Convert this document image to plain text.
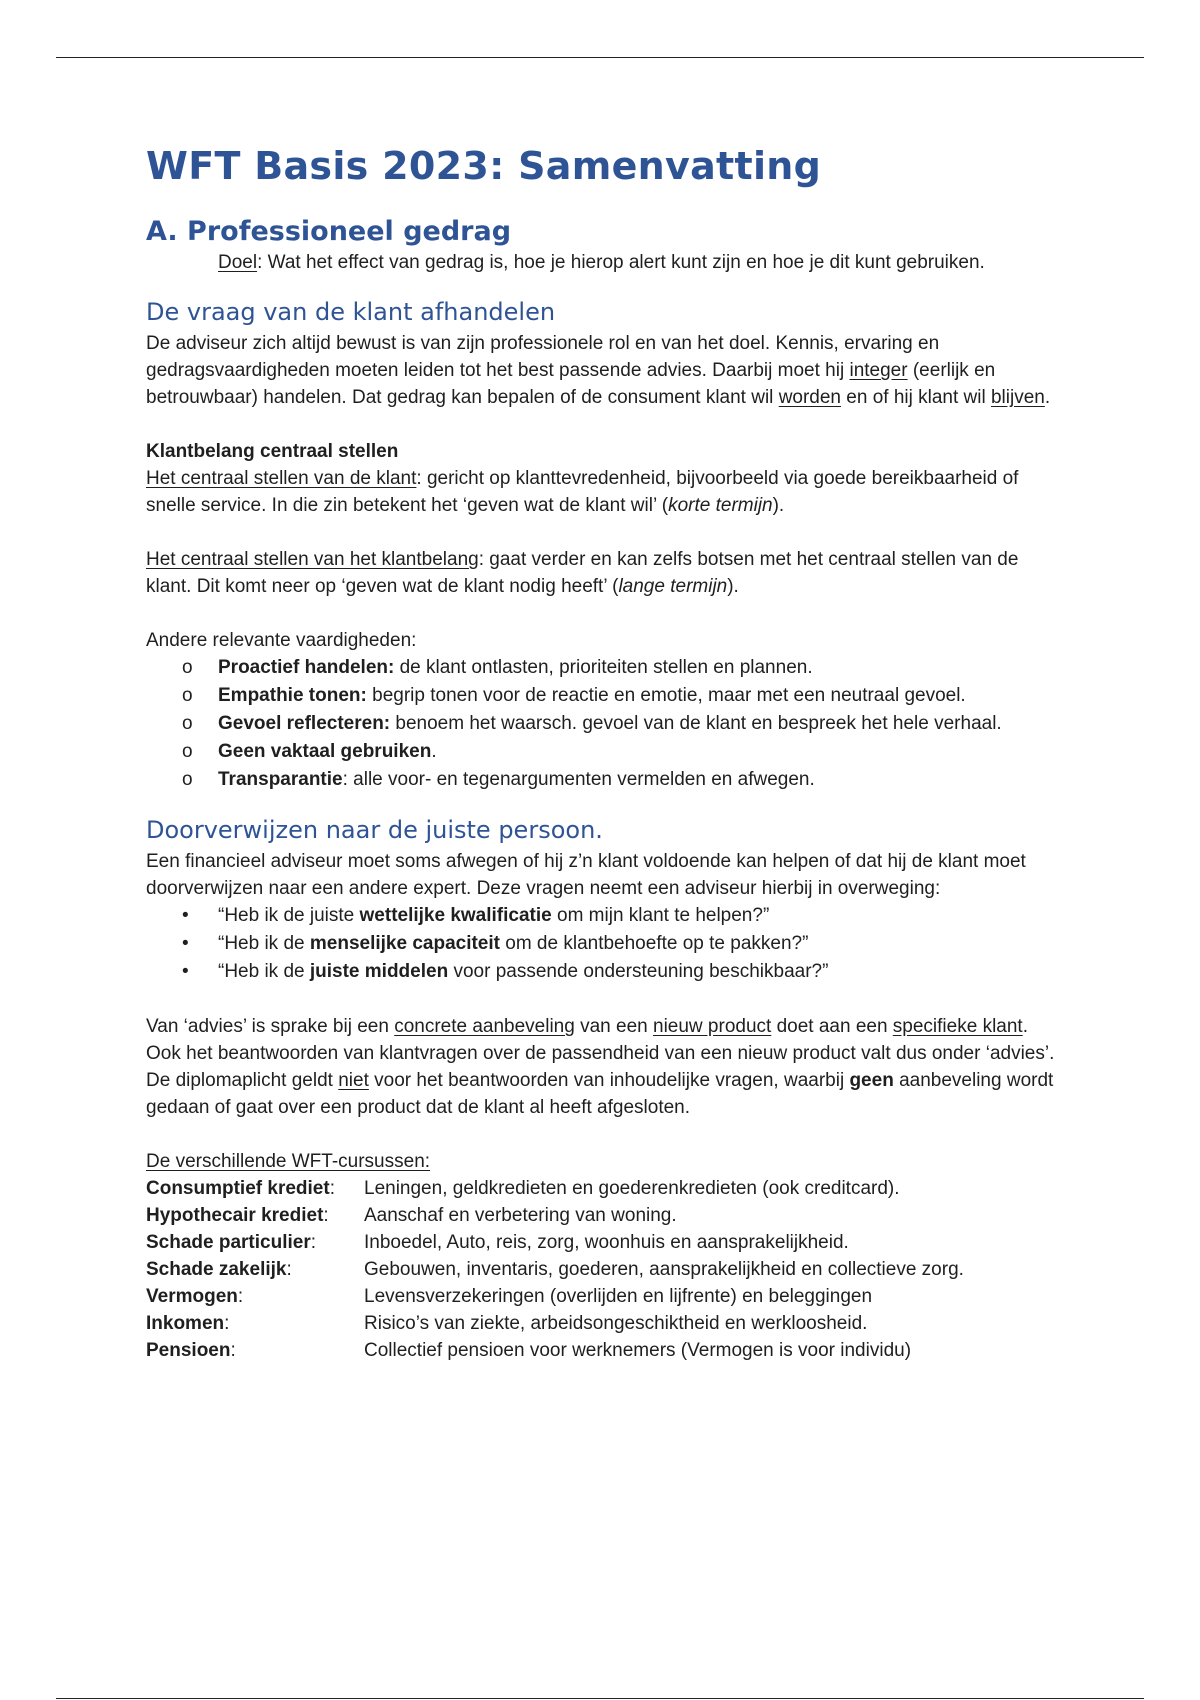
WFT Basis 2023: Samenvatting
A. Professioneel gedrag

Doel: Wat het effect van gedrag is, hoe je hierop alert kunt zijn en hoe je dit kunt gebruiken.

De vraag van de klant afhandelen

De adviseur zich altijd bewust is van zijn professionele rol en van het doel. Kennis, ervaring en gedragsvaardigheden moeten leiden tot het best passende advies. Daarbij moet hij integer (eerlijk en betrouwbaar) handelen. Dat gedrag kan bepalen of de consument klant wil worden en of hij klant wil blijven.

Klantbelang centraal stellen

Het centraal stellen van de klant: gericht op klanttevredenheid, bijvoorbeeld via goede bereikbaarheid of snelle service. In die zin betekent het ‘geven wat de klant wil’ (korte termijn).

Het centraal stellen van het klantbelang: gaat verder en kan zelfs botsen met het centraal stellen van de klant. Dit komt neer op ‘geven wat de klant nodig heeft’ (lange termijn).

Andere relevante vaardigheden:

o Proactief handelen: de klant ontlasten, prioriteiten stellen en plannen.
o Empathie tonen: begrip tonen voor de reactie en emotie, maar met een neutraal gevoel.
o Gevoel reflecteren: benoem het waarsch. gevoel van de klant en bespreek het hele verhaal.
o Geen vaktaal gebruiken.
o Transparantie: alle voor- en tegenargumenten vermelden en afwegen.
Doorverwijzen naar de juiste persoon.

Een financieel adviseur moet soms afwegen of hij z’n klant voldoende kan helpen of dat hij de klant moet doorverwijzen naar een andere expert. Deze vragen neemt een adviseur hierbij in overweging:

• “Heb ik de juiste wettelijke kwalificatie om mijn klant te helpen?”
• “Heb ik de menselijke capaciteit om de klantbehoefte op te pakken?”
• “Heb ik de juiste middelen voor passende ondersteuning beschikbaar?”

Van ‘advies’ is sprake bij een concrete aanbeveling van een nieuw product doet aan een specifieke klant. Ook het beantwoorden van klantvragen over de passendheid van een nieuw product valt dus onder ‘advies’. De diplomaplicht geldt niet voor het beantwoorden van inhoudelijke vragen, waarbij geen aanbeveling wordt gedaan of gaat over een product dat de klant al heeft afgesloten.

De verschillende WFT-cursussen:

Consumptief krediet:	Leningen, geldkredieten en goederenkredieten (ook creditcard).
Hypothecair krediet:	Aanschaf en verbetering van woning.
Schade particulier:	Inboedel, Auto, reis, zorg, woonhuis en aansprakelijkheid.
Schade zakelijk:	Gebouwen, inventaris, goederen, aansprakelijkheid en collectieve zorg.
Vermogen:	Levensverzekeringen (overlijden en lijfrente) en beleggingen
Inkomen:	Risico’s van ziekte, arbeidsongeschiktheid en werkloosheid.
Pensioen:	Collectief pensioen voor werknemers (Vermogen is voor individu)
